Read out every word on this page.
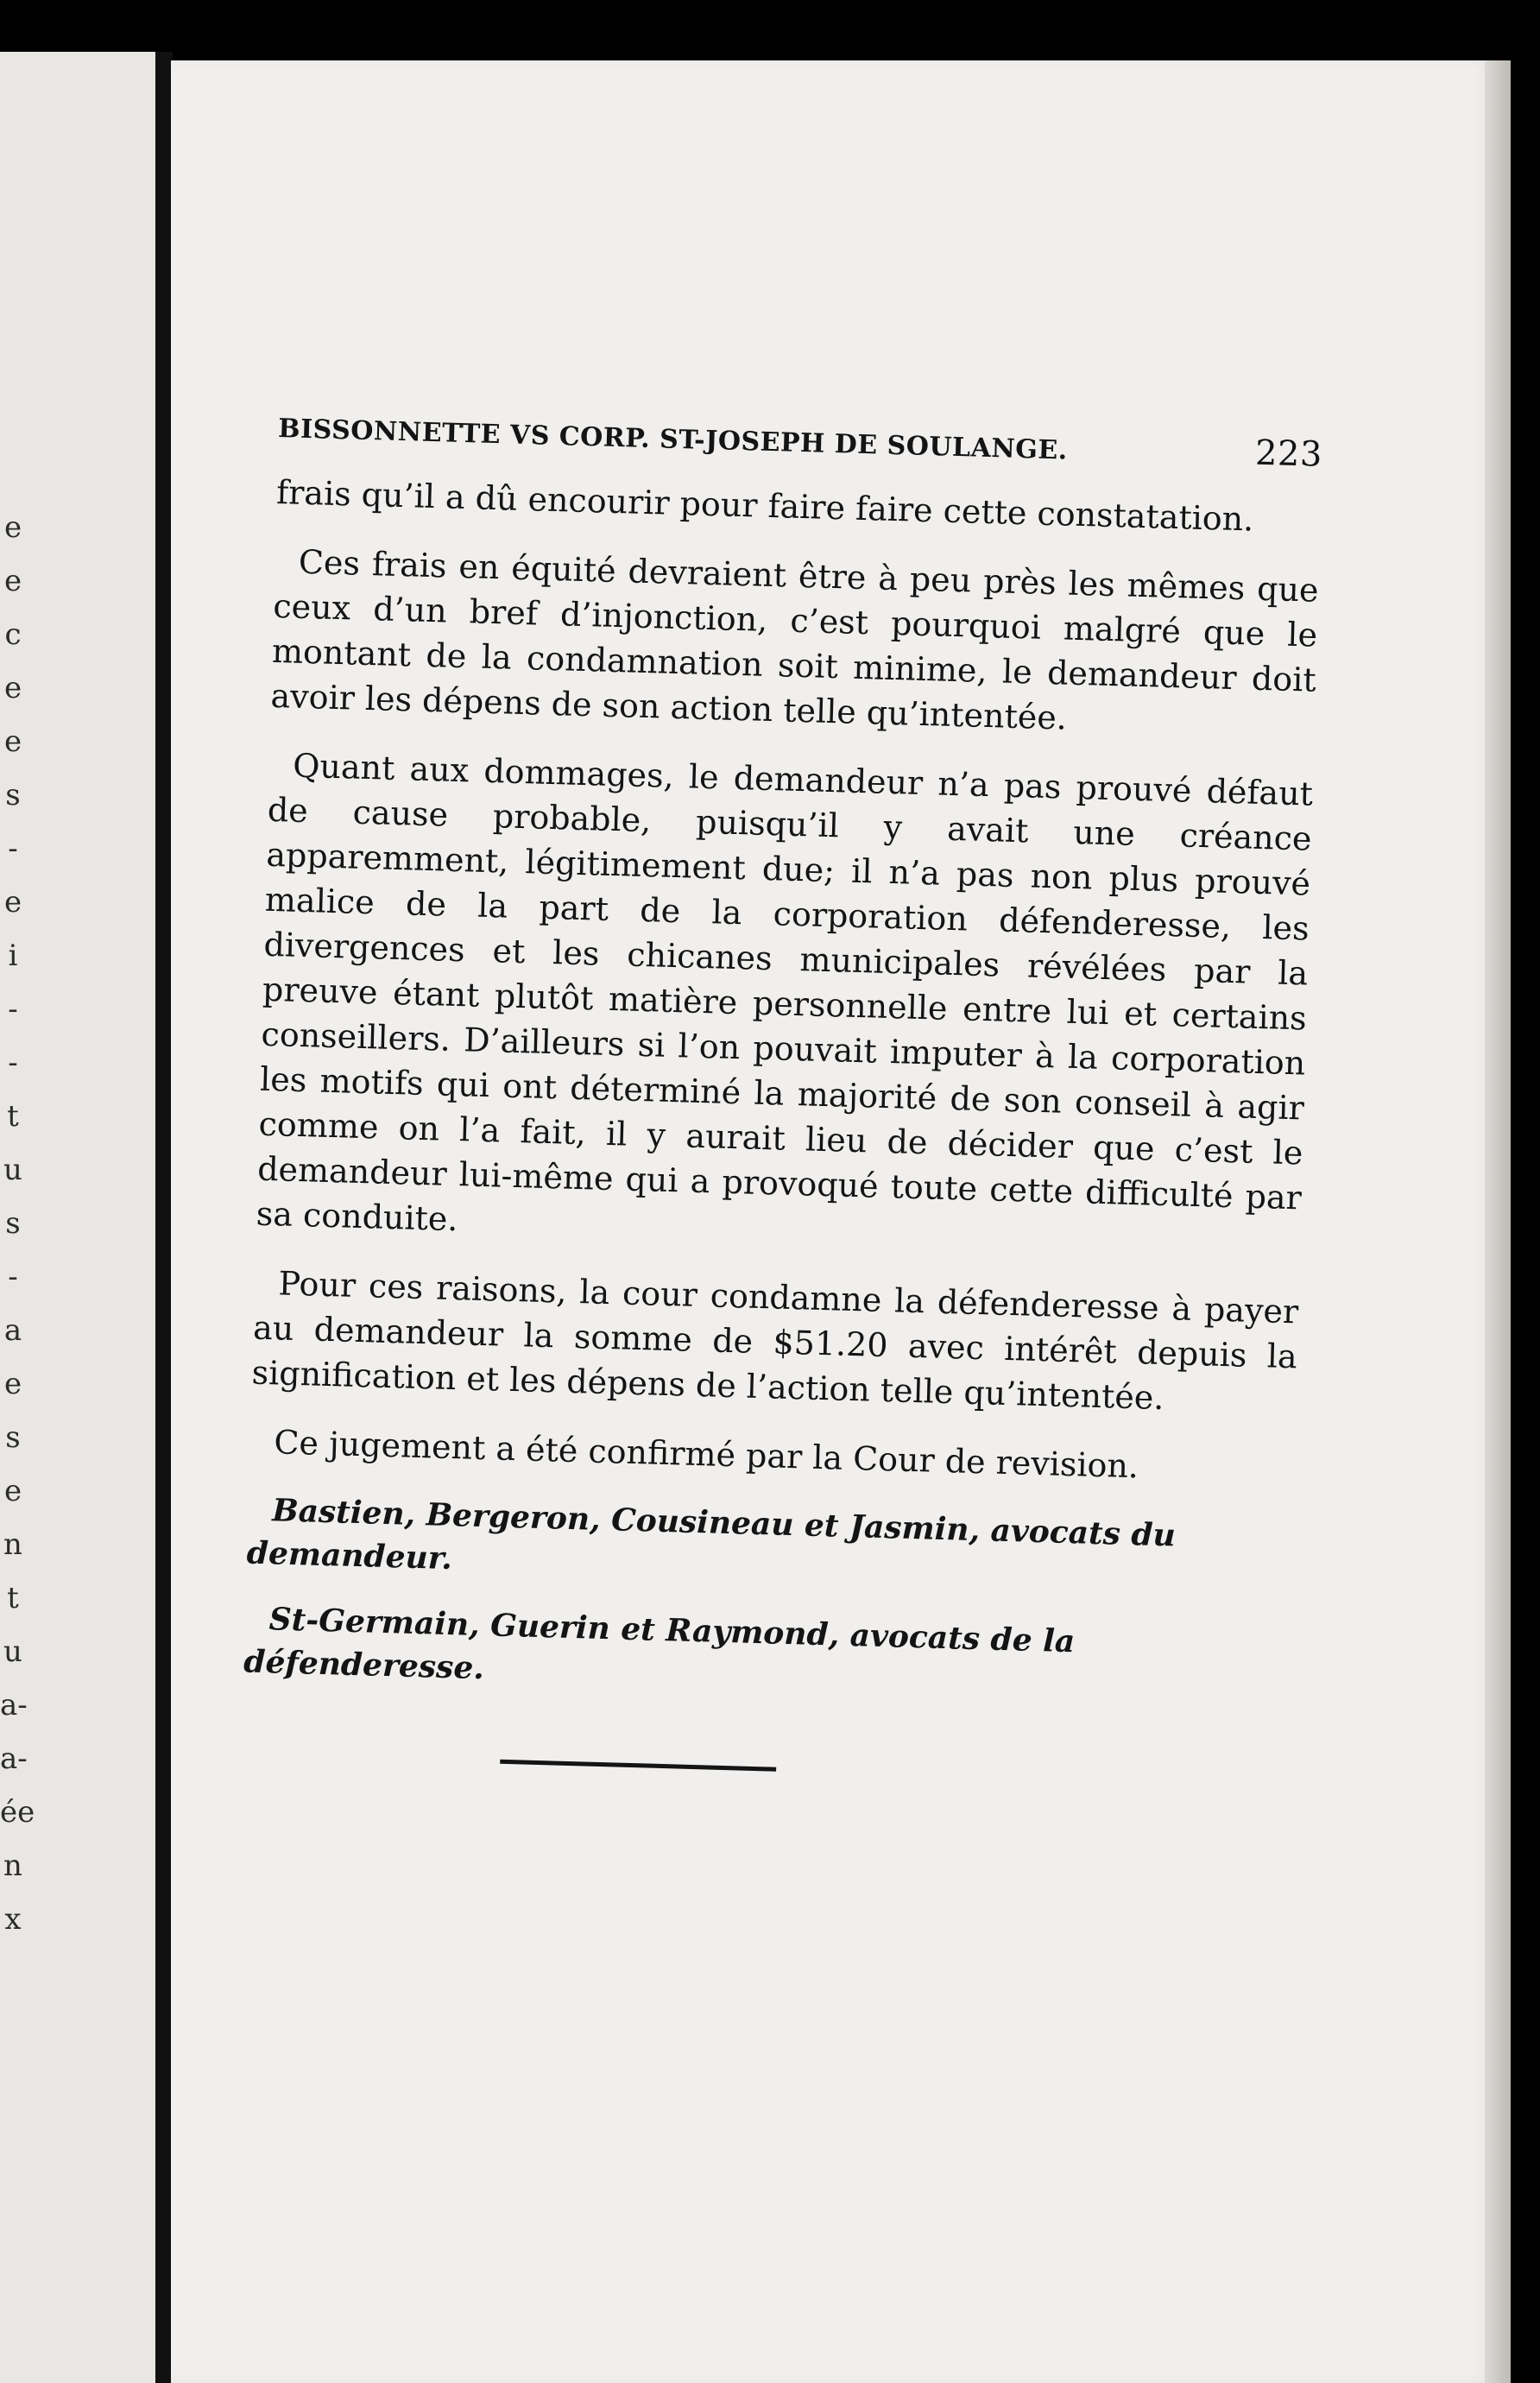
e
e
c
e
e
s
-
e
i
-
-
t
u
s
-
a
e
s
e
n
t
u
a-
a-
ée
n
x
BISSONNETTE VS CORP. ST-JOSEPH DE SOULANGE.	223

frais qu’il a dû encourir pour faire faire cette constatation.

Ces frais en équité devraient être à peu près les mêmes que ceux d’un bref d’injonction, c’est pourquoi malgré que le montant de la condamnation soit minime, le demandeur doit avoir les dépens de son action telle qu’intentée.

Quant aux dommages, le demandeur n’a pas prouvé défaut de cause probable, puisqu’il y avait une créance apparemment, légitimement due; il n’a pas non plus prouvé malice de la part de la corporation défenderesse, les divergences et les chicanes municipales révélées par la preuve étant plutôt matière personnelle entre lui et certains conseillers. D’ailleurs si l’on pouvait imputer à la corporation les motifs qui ont déterminé la majorité de son conseil à agir comme on l’a fait, il y aurait lieu de décider que c’est le demandeur lui-même qui a provoqué toute cette difficulté par sa conduite.

Pour ces raisons, la cour condamne la défenderesse à payer au demandeur la somme de $51.20 avec intérêt depuis la signification et les dépens de l’action telle qu’intentée.

Ce jugement a été confirmé par la Cour de revision.

Bastien, Bergeron, Cousineau et Jasmin, avocats du demandeur.

St-Germain, Guerin et Raymond, avocats de la défenderesse.
